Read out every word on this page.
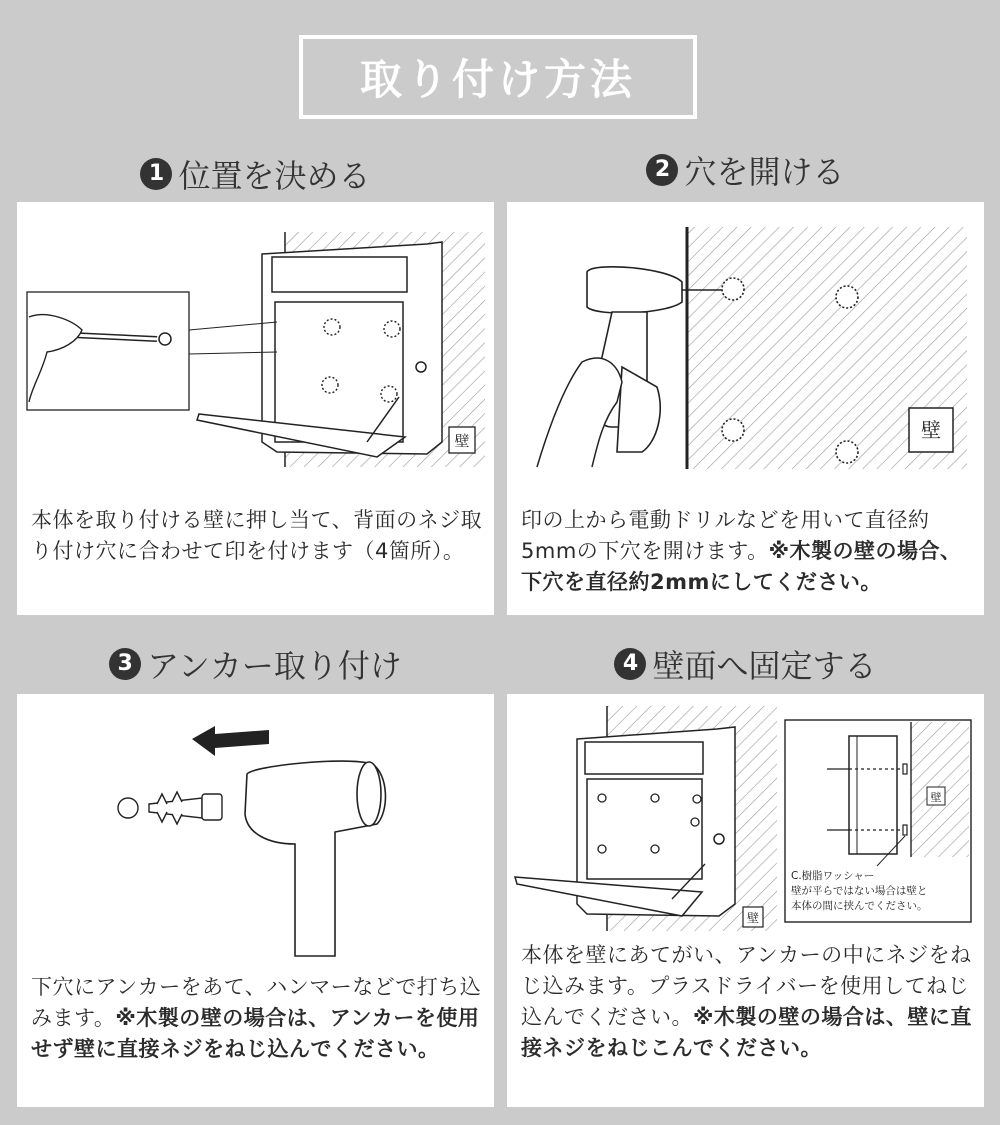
取り付け方法
1 位置を決める	2 穴を開ける
3 アンカー取り付け	4 壁面へ固定する
壁
本体を取り付ける壁に押し当て、背面のネジ取り付け穴に合わせて印を付けます（4箇所）。
壁
印の上から電動ドリルなどを用いて直径約5mmの下穴を開けます。※木製の壁の場合、下穴を直径約2mmにしてください。
下穴にアンカーをあて、ハンマーなどで打ち込みます。※木製の壁の場合は、アンカーを使用せず壁に直接ネジをねじ込んでください。
壁
壁
C.樹脂ワッシャー
壁が平らではない場合は壁と
本体の間に挟んでください。
本体を壁にあてがい、アンカーの中にネジをねじ込みます。プラスドライバーを使用してねじ込んでください。※木製の壁の場合は、壁に直接ネジをねじこんでください。
